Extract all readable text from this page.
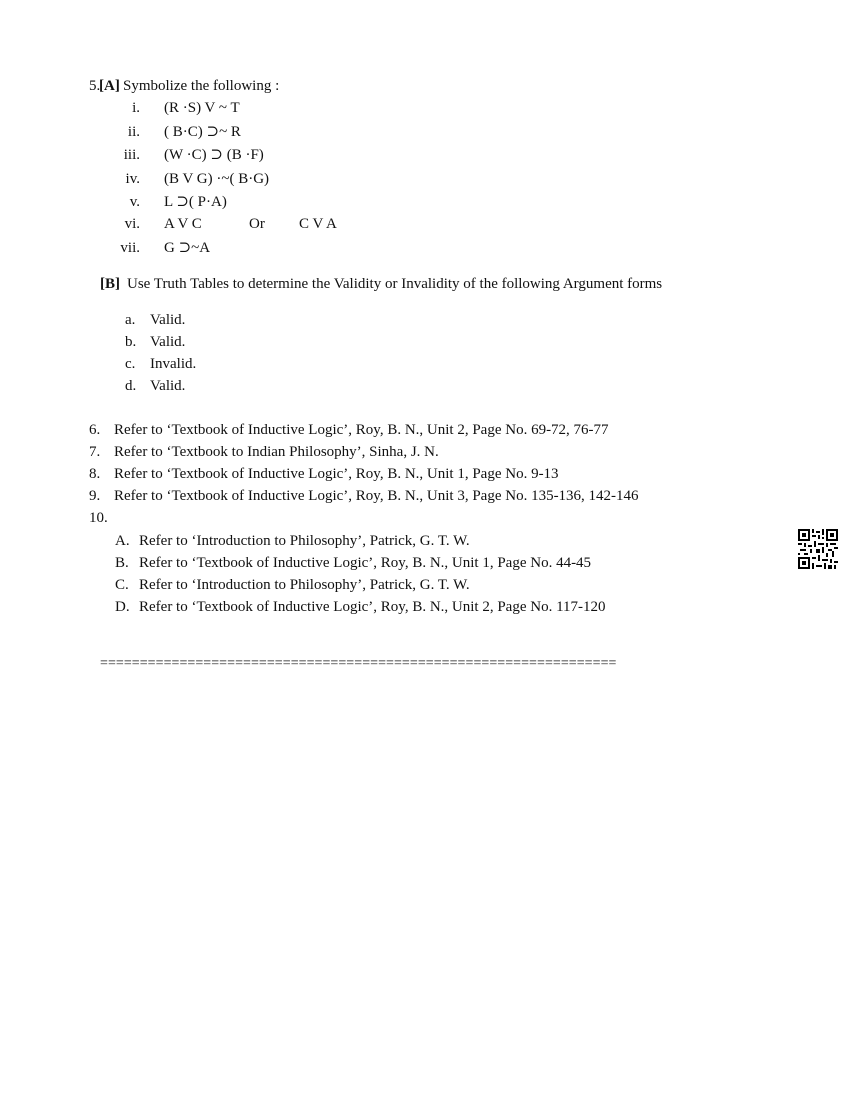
5.
[A] Symbolize the following :
i. (R ·S) V ~ T
ii. ( B·C) ⊃~ R
iii. (W ·C) ⊃ (B ·F)
iv. (B V G) ·~( B·G)
v. L ⊃( P·A)
vi. A V C	Or C V A
vii. G ⊃~A
[B] Use Truth Tables to determine the Validity or Invalidity of the following Argument forms
a. Valid.
b. Valid.
c. Invalid.
d. Valid.
6. Refer to ‘Textbook of Inductive Logic’, Roy, B. N., Unit 2, Page No. 69-72, 76-77
7. Refer to ‘Textbook to Indian Philosophy’, Sinha, J. N.
8. Refer to ‘Textbook of Inductive Logic’, Roy, B. N., Unit 1, Page No. 9-13
9. Refer to ‘Textbook of Inductive Logic’, Roy, B. N., Unit 3, Page No. 135-136, 142-146
10.
A. Refer to ‘Introduction to Philosophy’, Patrick, G. T. W.
B. Refer to ‘Textbook of Inductive Logic’, Roy, B. N., Unit 1, Page No. 44-45
C. Refer to ‘Introduction to Philosophy’, Patrick, G. T. W.
D. Refer to ‘Textbook of Inductive Logic’, Roy, B. N., Unit 2, Page No. 117-120
=================================================================
